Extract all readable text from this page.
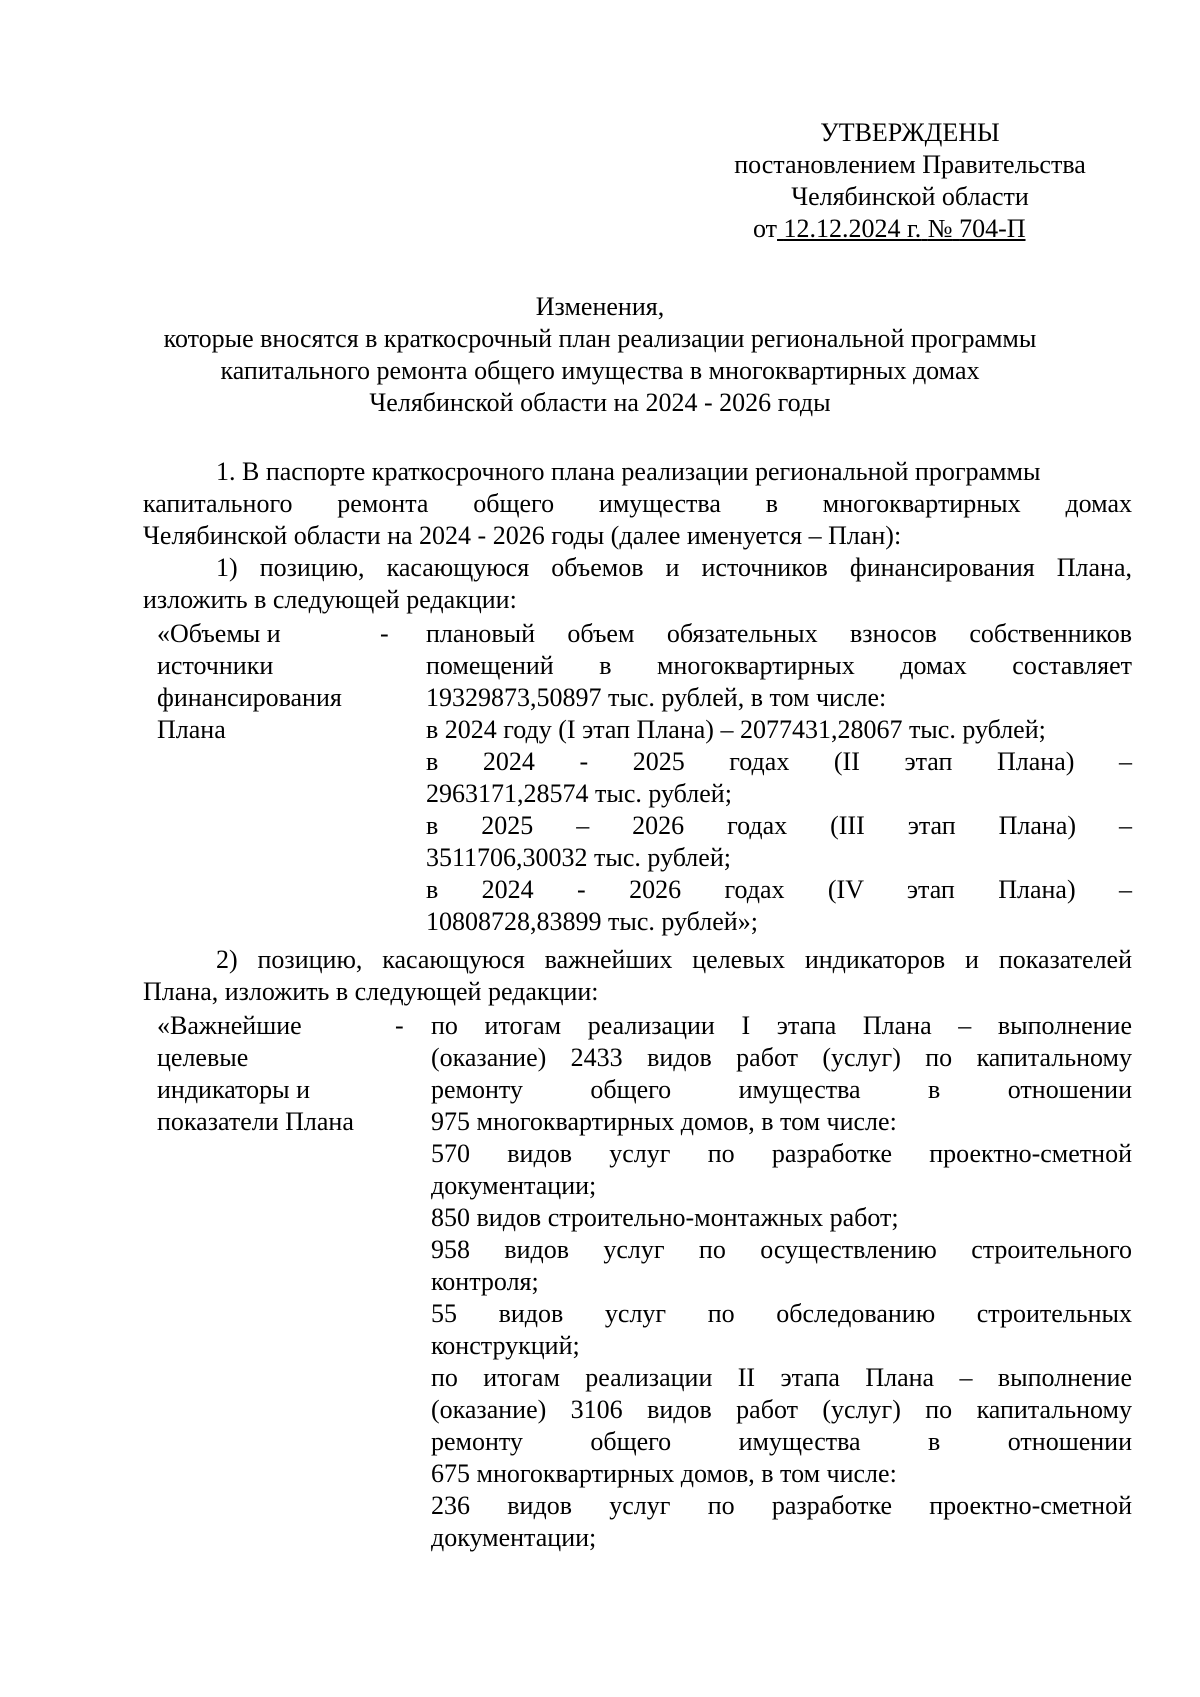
УТВЕРЖДЕНЫ
постановлением Правительства
Челябинской области
от 12.12.2024 г. № 704-П
Изменения,
которые вносятся в краткосрочный план реализации региональной программы
капитального ремонта общего имущества в многоквартирных домах
Челябинской области на 2024 - 2026 годы
1. В паспорте краткосрочного плана реализации региональной программы
капитального ремонта общего имущества в многоквартирных домах
Челябинской области на 2024 - 2026 годы (далее именуется – План):
1) позицию, касающуюся объемов и источников финансирования Плана,
изложить в следующей редакции:
«Объемы и
источники
финансирования
Плана
- плановый объем обязательных взносов собственников
помещений в многоквартирных домах составляет
19329873,50897 тыс. рублей, в том числе:
в 2024 году (I этап Плана) – 2077431,28067 тыс. рублей;
в 2024 - 2025 годах (II этап Плана) –
2963171,28574 тыс. рублей;
в 2025 – 2026 годах (III этап Плана) –
3511706,30032 тыс. рублей;
в 2024 - 2026 годах (IV этап Плана) –
10808728,83899 тыс. рублей»;
2) позицию, касающуюся важнейших целевых индикаторов и показателей
Плана, изложить в следующей редакции:
«Важнейшие
целевые
индикаторы и
показатели Плана
- по итогам реализации I этапа Плана – выполнение
(оказание) 2433 видов работ (услуг) по капитальному
ремонту общего имущества в отношении
975 многоквартирных домов, в том числе:
570 видов услуг по разработке проектно-сметной
документации;
850 видов строительно-монтажных работ;
958 видов услуг по осуществлению строительного
контроля;
55 видов услуг по обследованию строительных
конструкций;
по итогам реализации II этапа Плана – выполнение
(оказание) 3106 видов работ (услуг) по капитальному
ремонту общего имущества в отношении
675 многоквартирных домов, в том числе:
236 видов услуг по разработке проектно-сметной
документации;
